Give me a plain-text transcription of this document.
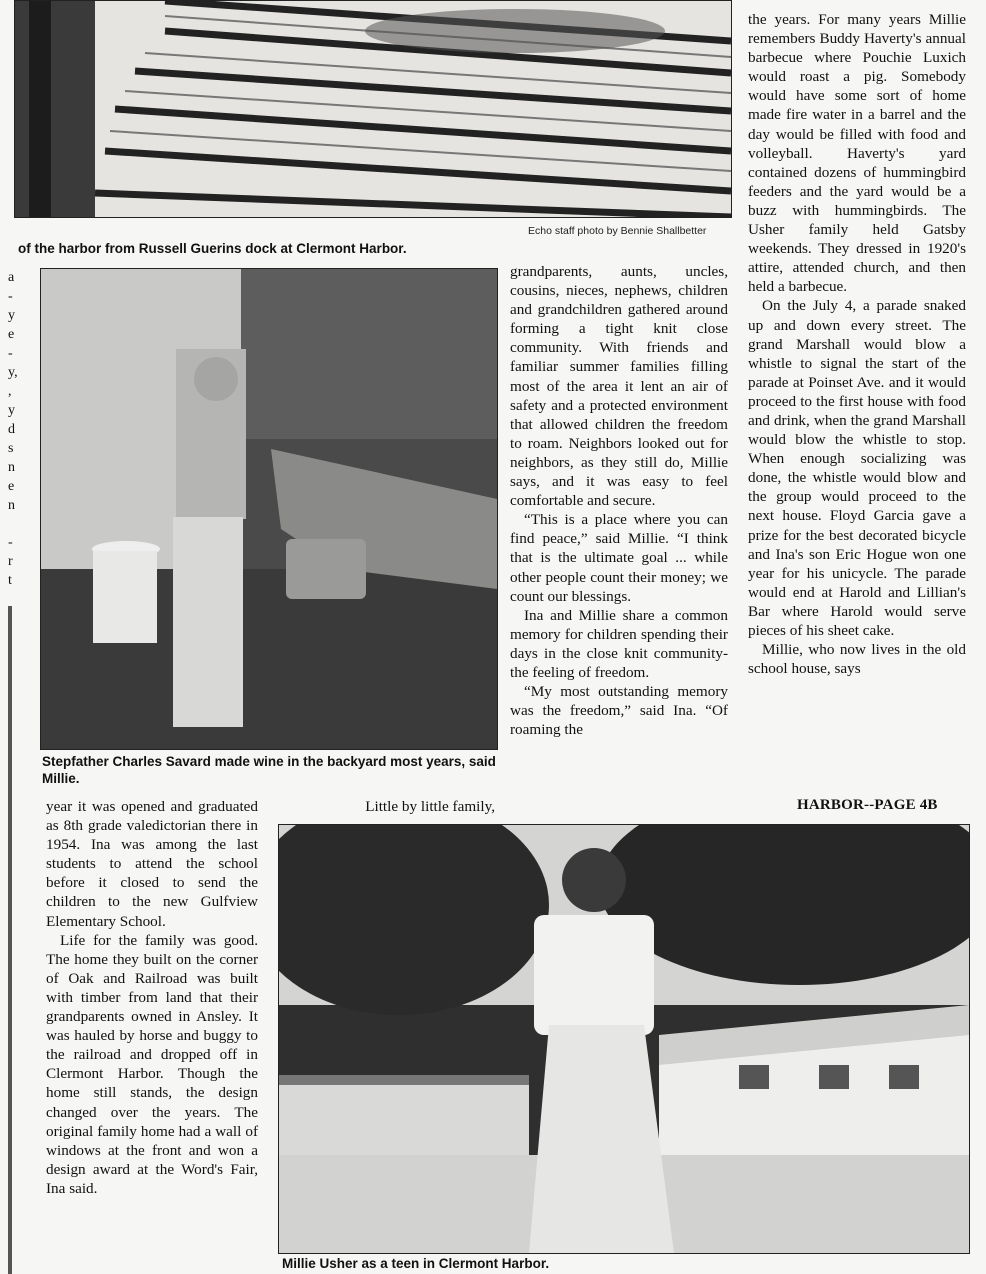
Echo staff photo by Bennie Shallbetter

of the harbor from Russell Guerins dock at Clermont Harbor.

a
-
y
e
-
y,
,
y
d
s
n
e
n
-
r
t

Stepfather Charles Savard made wine in the backyard most years, said Millie.

grandparents, aunts, uncles, cousins, nieces, nephews, children and grandchildren gathered around forming a tight knit close community. With friends and familiar summer families filling most of the area it lent an air of safety and a protected environment that allowed children the freedom to roam. Neighbors looked out for neighbors, as they still do, Millie says, and it was easy to feel comfortable and secure.

“This is a place where you can find peace,” said Millie. “I think that is the ultimate goal ... while other people count their money; we count our blessings.

Ina and Millie share a common memory for children spending their days in the close knit community-the feeling of freedom.

“My most outstanding memory was the freedom,” said Ina. “Of roaming the

the years. For many years Millie remembers Buddy Haverty's annual barbecue where Pouchie Luxich would roast a pig. Somebody would have some sort of home made fire water in a barrel and the day would be filled with food and volleyball. Haverty's yard contained dozens of hummingbird feeders and the yard would be a buzz with hummingbirds. The Usher family held Gatsby weekends. They dressed in 1920's attire, attended church, and then held a barbecue.

On the July 4, a parade snaked up and down every street. The grand Marshall would blow a whistle to signal the start of the parade at Poinset Ave. and it would proceed to the first house with food and drink, when the grand Marshall would blow the whistle to stop. When enough socializing was done, the whistle would blow and the group would proceed to the next house. Floyd Garcia gave a prize for the best decorated bicycle and Ina's son Eric Hogue won one year for his unicycle. The parade would end at Harold and Lillian's Bar where Harold would serve pieces of his sheet cake.

Millie, who now lives in the old school house, says

HARBOR--PAGE 4B

year it was opened and graduated as 8th grade valedictorian there in 1954. Ina was among the last students to attend the school before it closed to send the children to the new Gulfview Elementary School.

Life for the family was good. The home they built on the corner of Oak and Railroad was built with timber from land that their grandparents owned in Ansley. It was hauled by horse and buggy to the railroad and dropped off in Clermont Harbor. Though the home still stands, the design changed over the years. The original family home had a wall of windows at the front and won a design award at the Word's Fair, Ina said.

Little by little family,

Millie Usher as a teen in Clermont Harbor.
